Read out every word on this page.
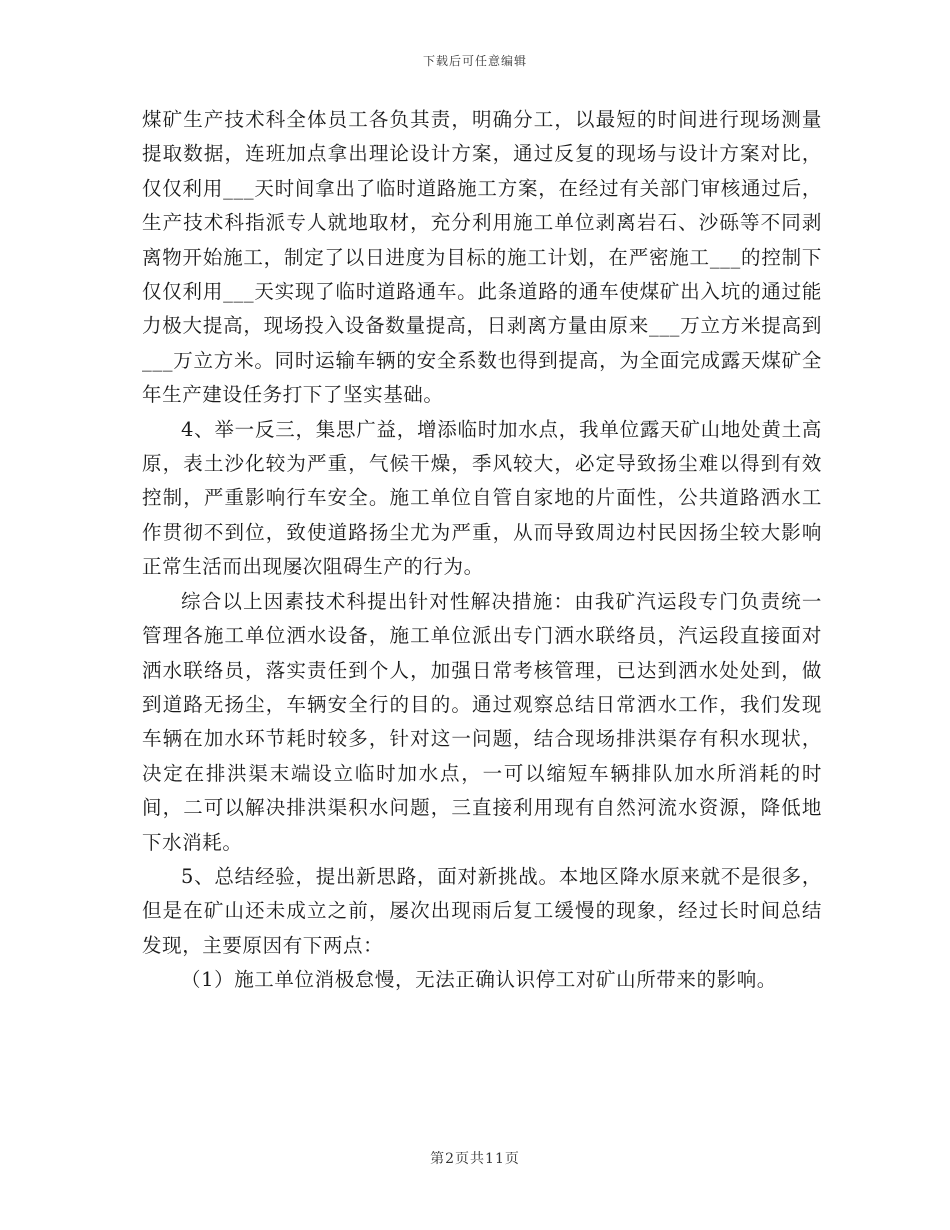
下载后可任意编辑

煤矿生产技术科全体员工各负其责，明确分工，以最短的时间进行现场测量提取数据，连班加点拿出理论设计方案，通过反复的现场与设计方案对比，仅仅利用___天时间拿出了临时道路施工方案，在经过有关部门审核通过后，生产技术科指派专人就地取材，充分利用施工单位剥离岩石、沙砾等不同剥离物开始施工，制定了以日进度为目标的施工计划，在严密施工___的控制下仅仅利用___天实现了临时道路通车。此条道路的通车使煤矿出入坑的通过能力极大提高，现场投入设备数量提高，日剥离方量由原来___万立方米提高到___万立方米。同时运输车辆的安全系数也得到提高，为全面完成露天煤矿全年生产建设任务打下了坚实基础。

4、举一反三，集思广益，增添临时加水点，我单位露天矿山地处黄土高原，表土沙化较为严重，气候干燥，季风较大，必定导致扬尘难以得到有效控制，严重影响行车安全。施工单位自管自家地的片面性，公共道路洒水工作贯彻不到位，致使道路扬尘尤为严重，从而导致周边村民因扬尘较大影响正常生活而出现屡次阻碍生产的行为。

综合以上因素技术科提出针对性解决措施：由我矿汽运段专门负责统一管理各施工单位洒水设备，施工单位派出专门洒水联络员，汽运段直接面对洒水联络员，落实责任到个人，加强日常考核管理，已达到洒水处处到，做到道路无扬尘，车辆安全行的目的。通过观察总结日常洒水工作，我们发现车辆在加水环节耗时较多，针对这一问题，结合现场排洪渠存有积水现状，决定在排洪渠末端设立临时加水点，一可以缩短车辆排队加水所消耗的时间，二可以解决排洪渠积水问题，三直接利用现有自然河流水资源，降低地下水消耗。

5、总结经验，提出新思路，面对新挑战。本地区降水原来就不是很多，但是在矿山还未成立之前，屡次出现雨后复工缓慢的现象，经过长时间总结发现，主要原因有下两点：

（1）施工单位消极怠慢，无法正确认识停工对矿山所带来的影响。

第2页共11页
